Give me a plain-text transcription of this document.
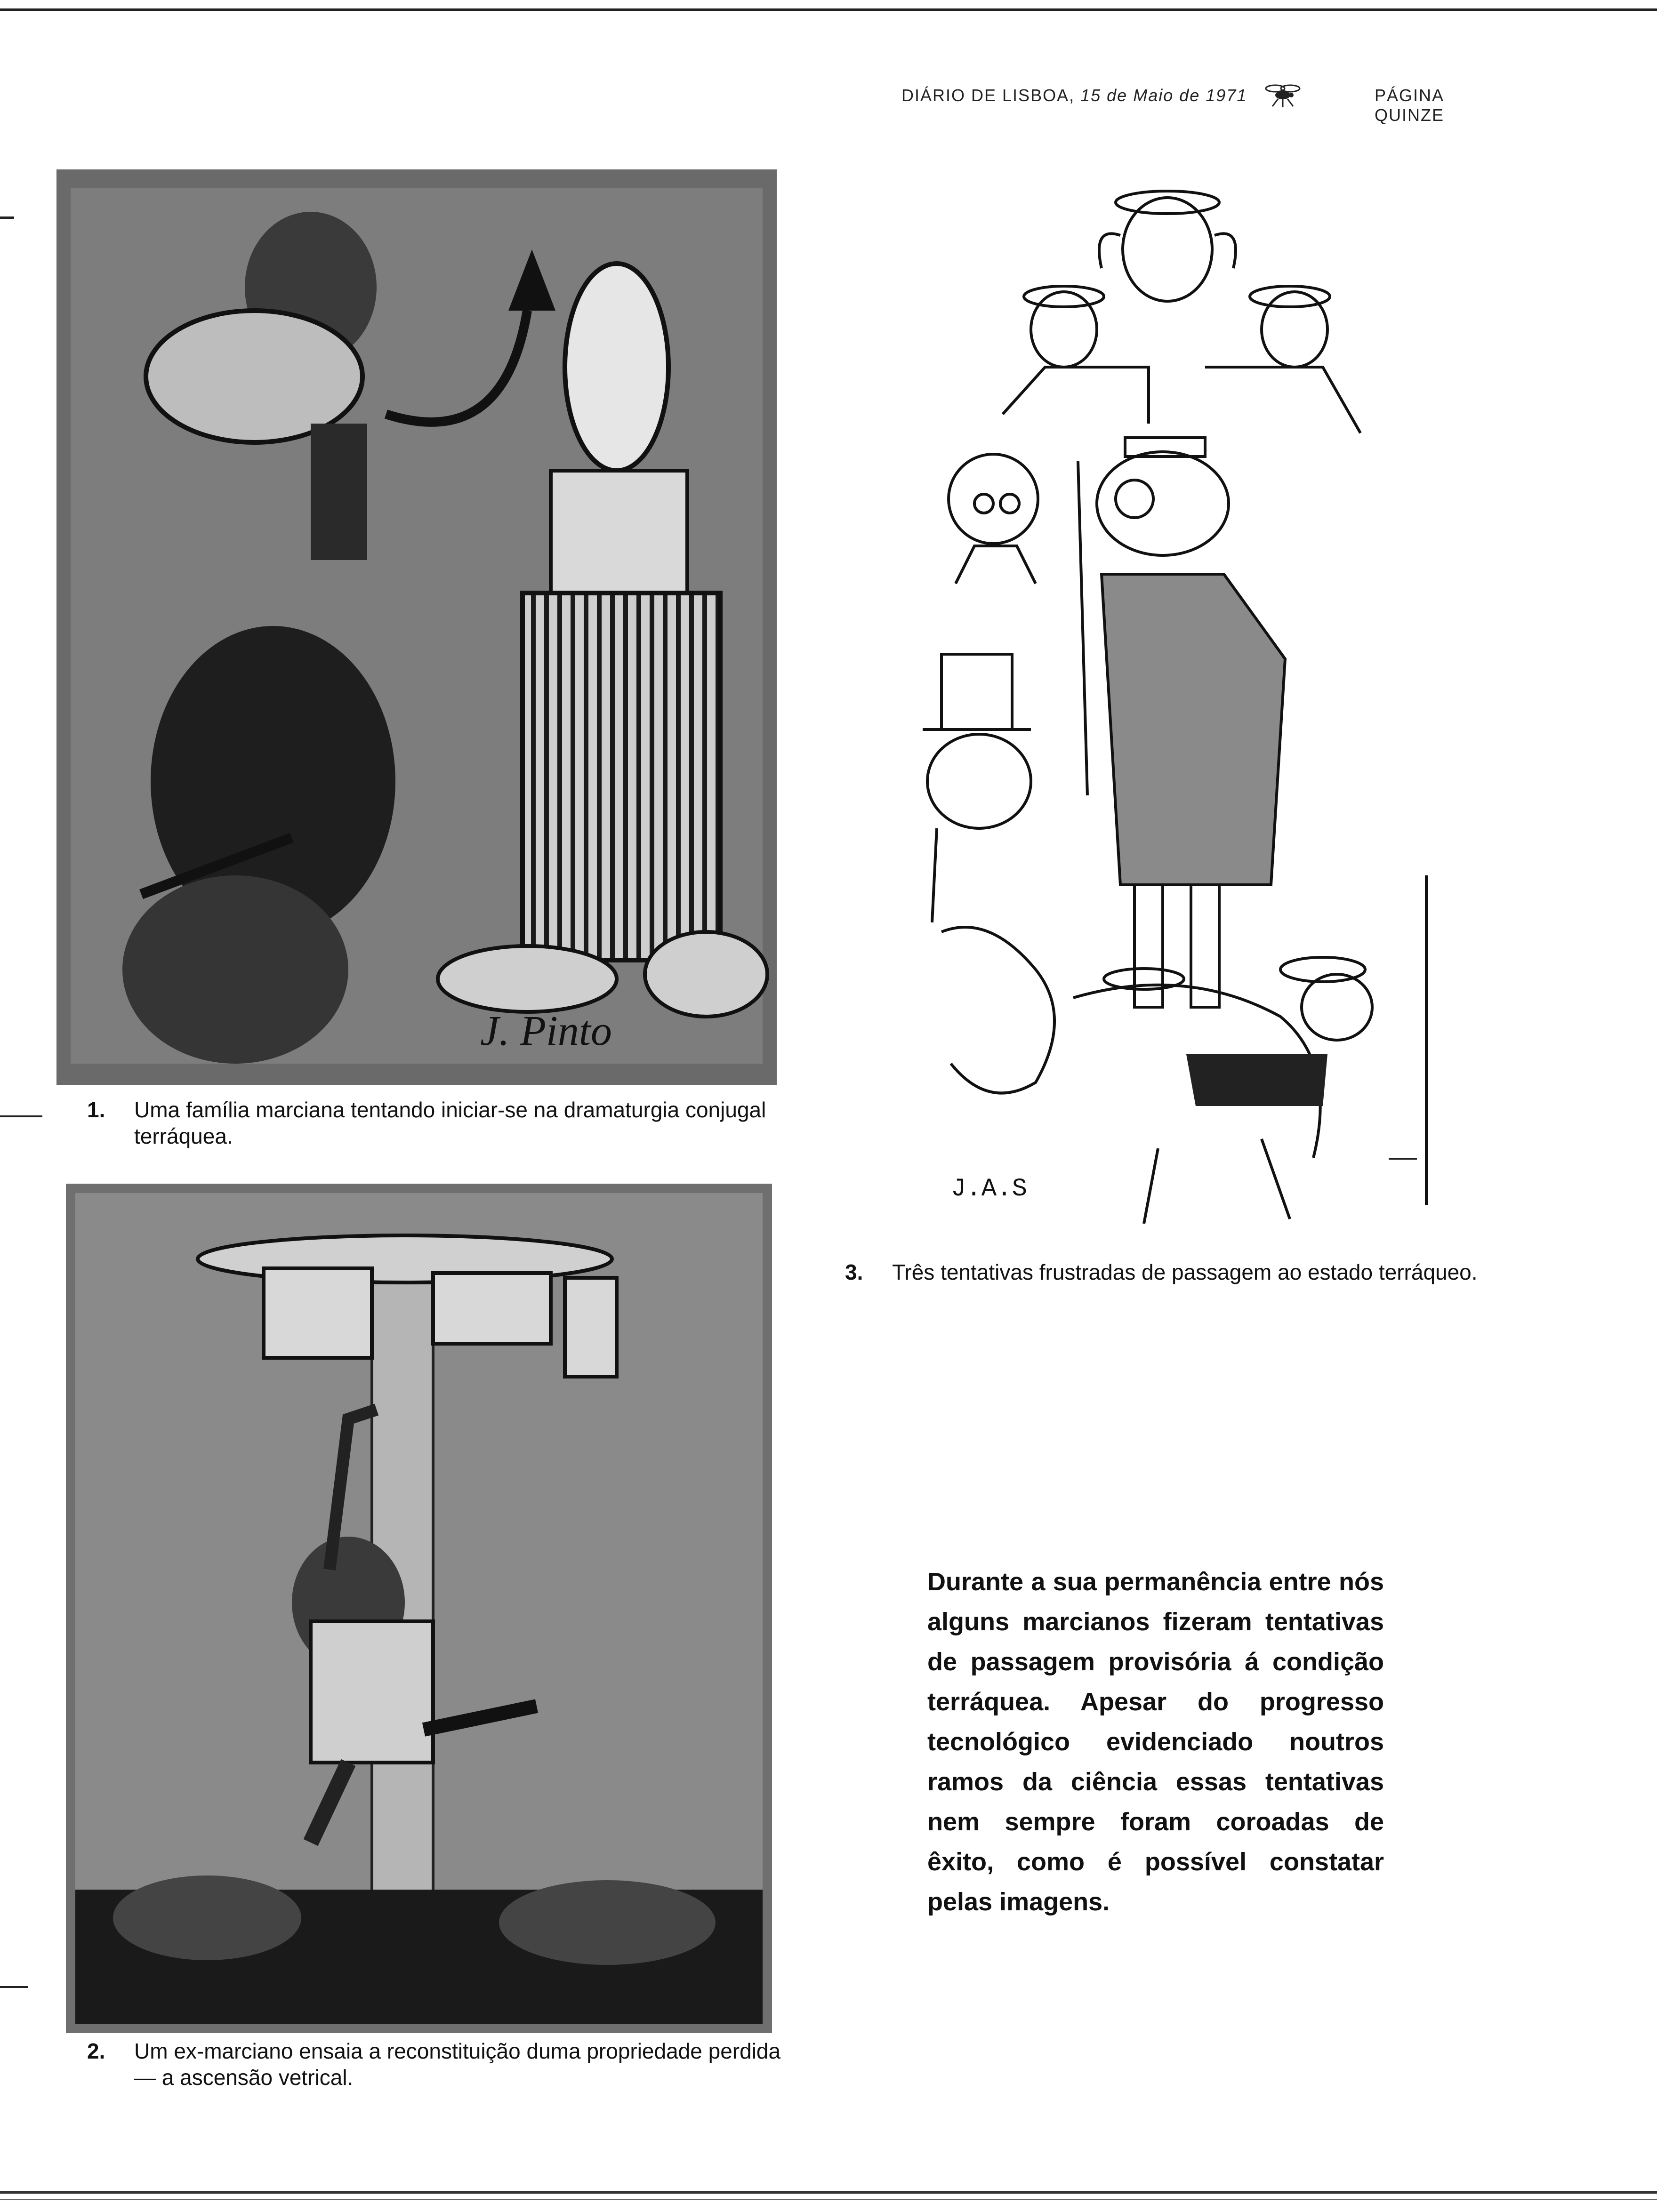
DIÁRIO DE LISBOA, 15 de Maio de 1971	PÁGINA QUINZE
J. Pinto
1. Uma família marciana tentando iniciar-se na dramaturgia conjugal terráquea.
2. Um ex-marciano ensaia a reconstituição duma propriedade perdida — a ascensão vetrical.
J.A.S
3. Três tentativas frustradas de passagem ao estado terráqueo.

Durante a sua permanência entre nós alguns marcianos fizeram tentativas de passagem provisória á condição terráquea. Apesar do progresso tecnológico evidenciado noutros ramos da ciência essas tentativas nem sempre foram coroadas de êxito, como é possível constatar pelas imagens.
